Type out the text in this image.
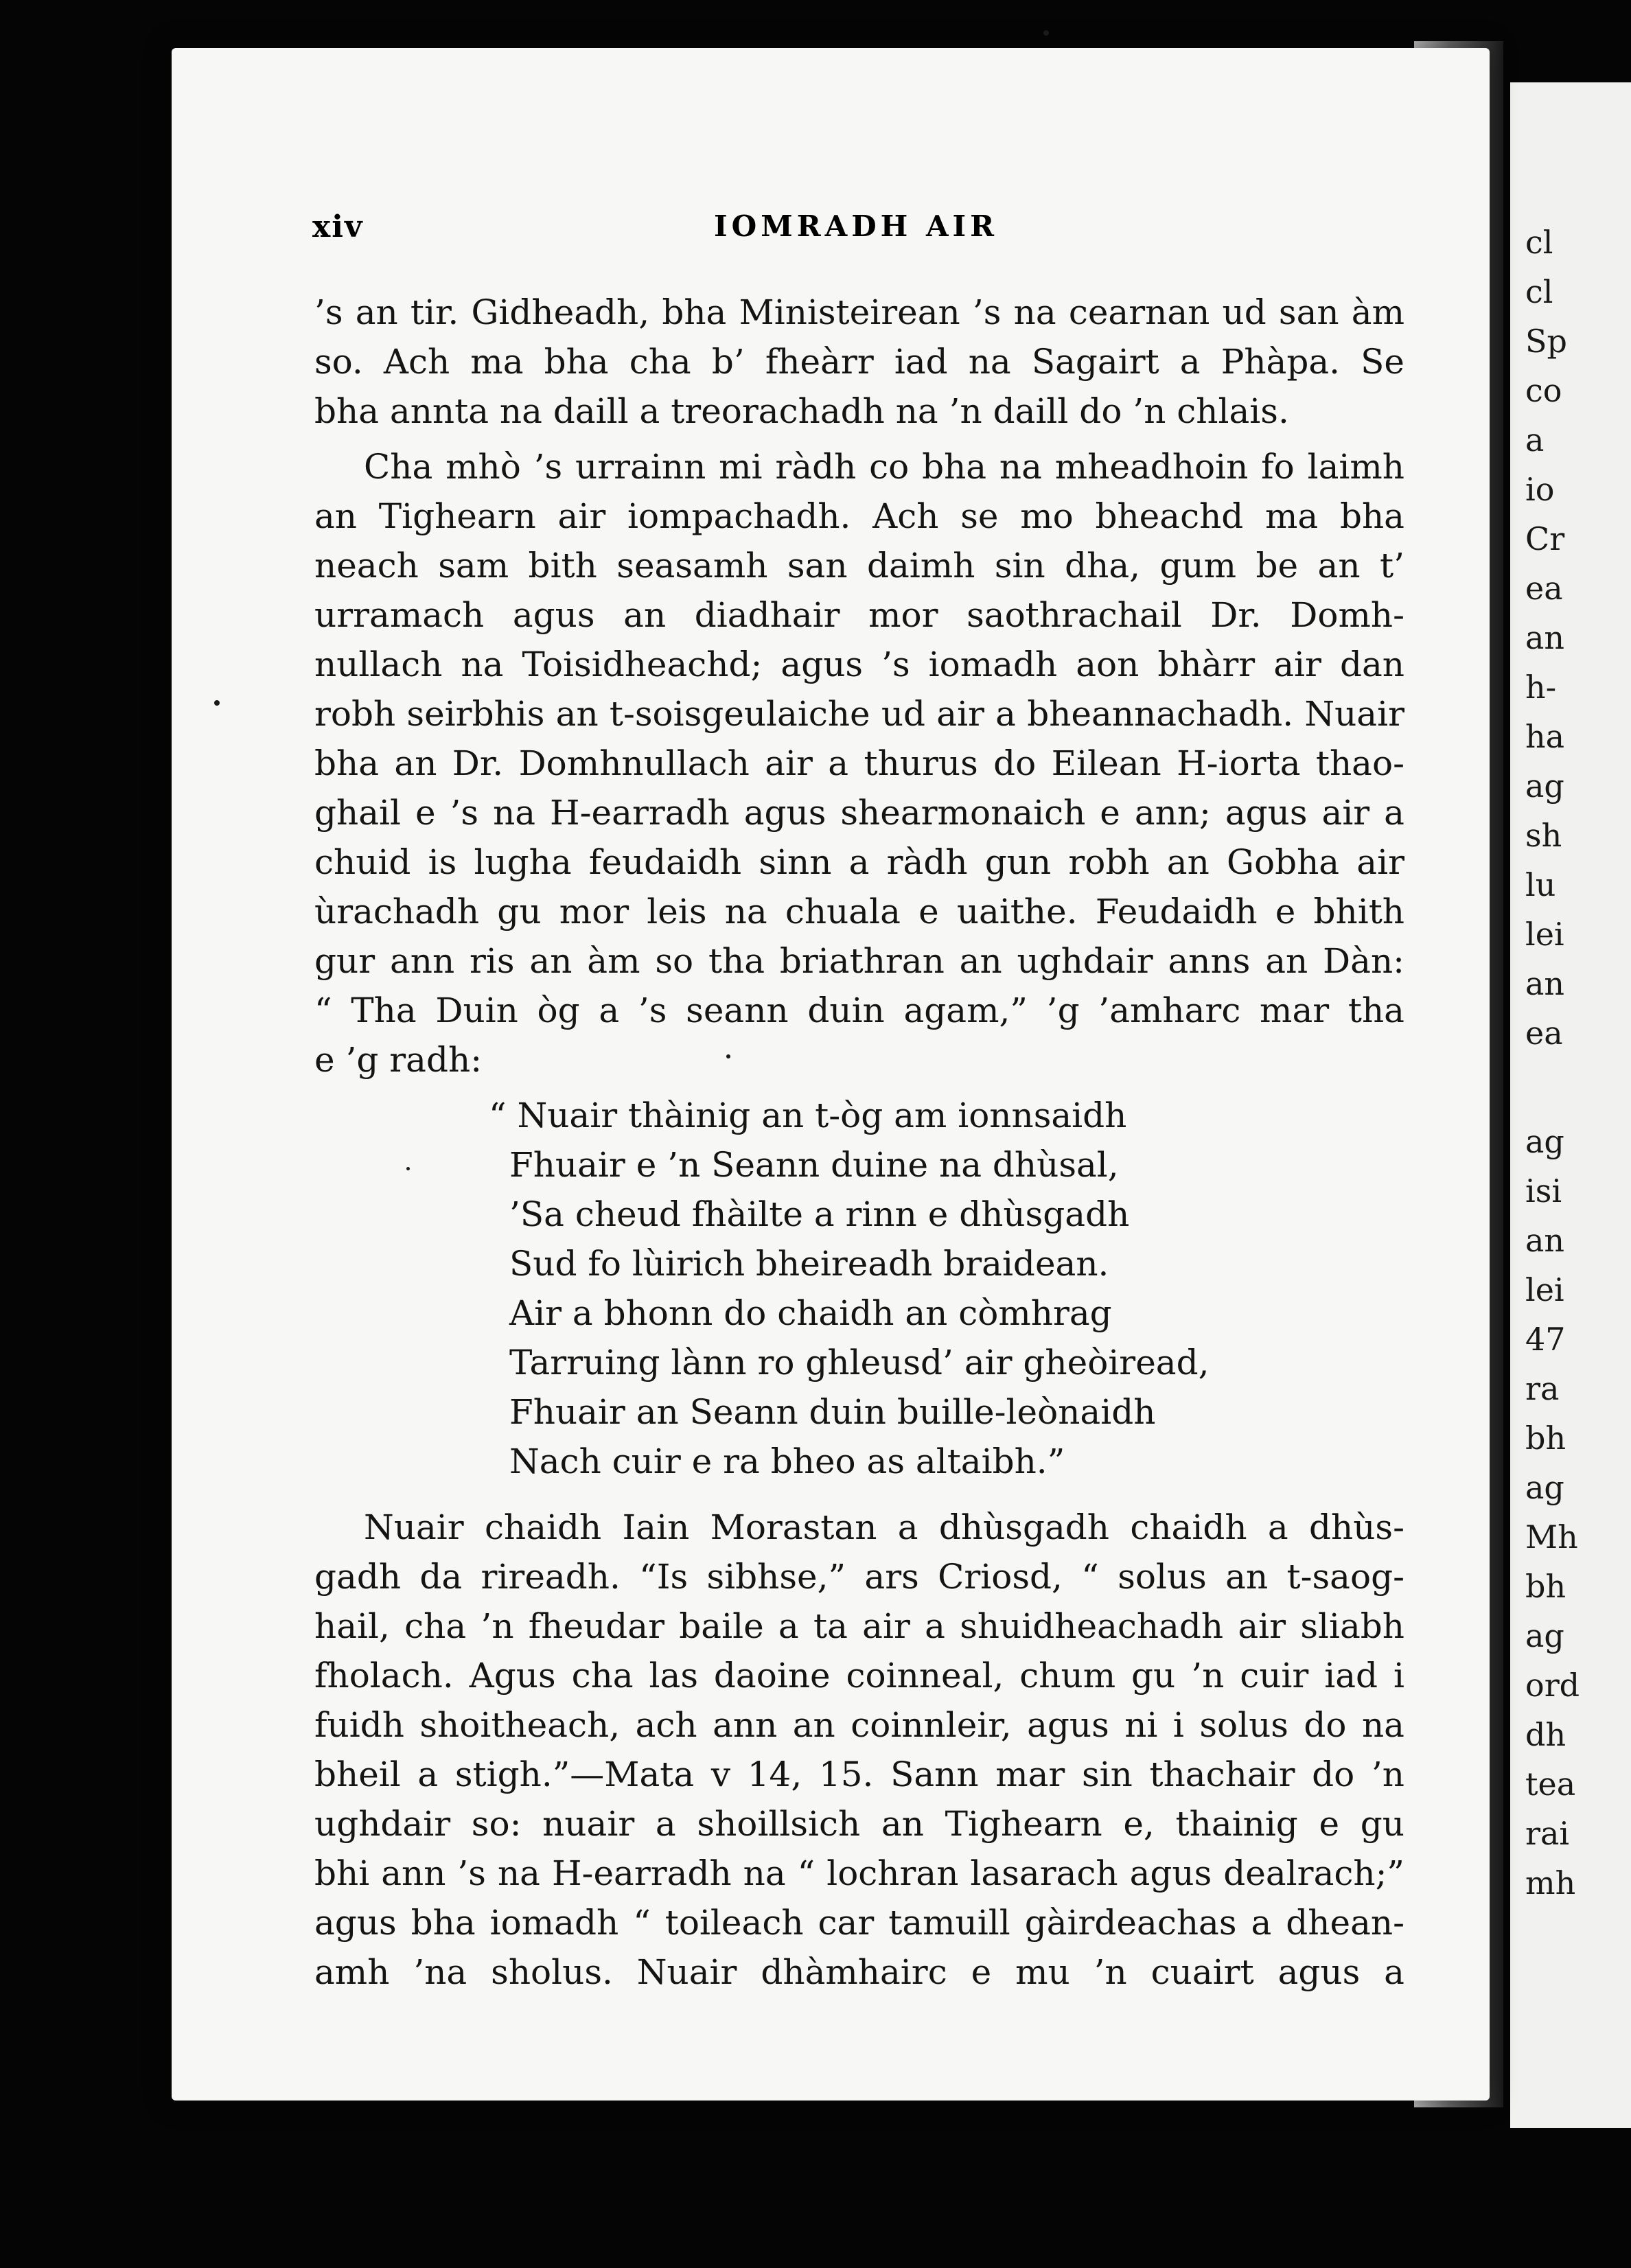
cl
cl
Sp
co
a
io
Cr
ea
an
h-
ha
ag
sh
lu
lei
an
ea
ag
isi
an
lei
47
ra
bh
ag
Mh
bh
ag
ord
dh
tea
rai
mh
xiv	IOMRADH AIR
’s an tir. Gidheadh, bha Ministeirean ’s na cearnan ud san àm
so. Ach ma bha cha b’ fheàrr iad na Sagairt a Phàpa. Se
bha annta na daill a treorachadh na ’n daill do ’n chlais.
Cha mhò ’s urrainn mi ràdh co bha na mheadhoin fo laimh
an Tighearn air iompachadh. Ach se mo bheachd ma bha
neach sam bith seasamh san daimh sin dha, gum be an t’
urramach agus an diadhair mor saothrachail Dr. Domh-
nullach na Toisidheachd; agus ’s iomadh aon bhàrr air dan
robh seirbhis an t-soisgeulaiche ud air a bheannachadh. Nuair
bha an Dr. Domhnullach air a thurus do Eilean H-iorta thao-
ghail e ’s na H-earradh agus shearmonaich e ann; agus air a
chuid is lugha feudaidh sinn a ràdh gun robh an Gobha air
ùrachadh gu mor leis na chuala e uaithe. Feudaidh e bhith
gur ann ris an àm so tha briathran an ughdair anns an Dàn:
“ Tha Duin òg a ’s seann duin agam,” ’g ’amharc mar tha
e ’g radh:
“ Nuair thàinig an t-òg am ionnsaidh
Fhuair e ’n Seann duine na dhùsal,
’Sa cheud fhàilte a rinn e dhùsgadh
Sud fo lùirich bheireadh braidean.
Air a bhonn do chaidh an còmhrag
Tarruing lànn ro ghleusd’ air gheòiread,
Fhuair an Seann duin buille-leònaidh
Nach cuir e ra bheo as altaibh.”
Nuair chaidh Iain Morastan a dhùsgadh chaidh a dhùs-
gadh da rireadh. “Is sibhse,” ars Criosd, “ solus an t-saog-
hail, cha ’n fheudar baile a ta air a shuidheachadh air sliabh
fholach. Agus cha las daoine coinneal, chum gu ’n cuir iad i
fuidh shoitheach, ach ann an coinnleir, agus ni i solus do na
bheil a stigh.”—Mata v 14, 15. Sann mar sin thachair do ’n
ughdair so: nuair a shoillsich an Tighearn e, thainig e gu
bhi ann ’s na H-earradh na “ lochran lasarach agus dealrach;”
agus bha iomadh “ toileach car tamuill gàirdeachas a dhean-
amh ’na sholus. Nuair dhàmhairc e mu ’n cuairt agus a
